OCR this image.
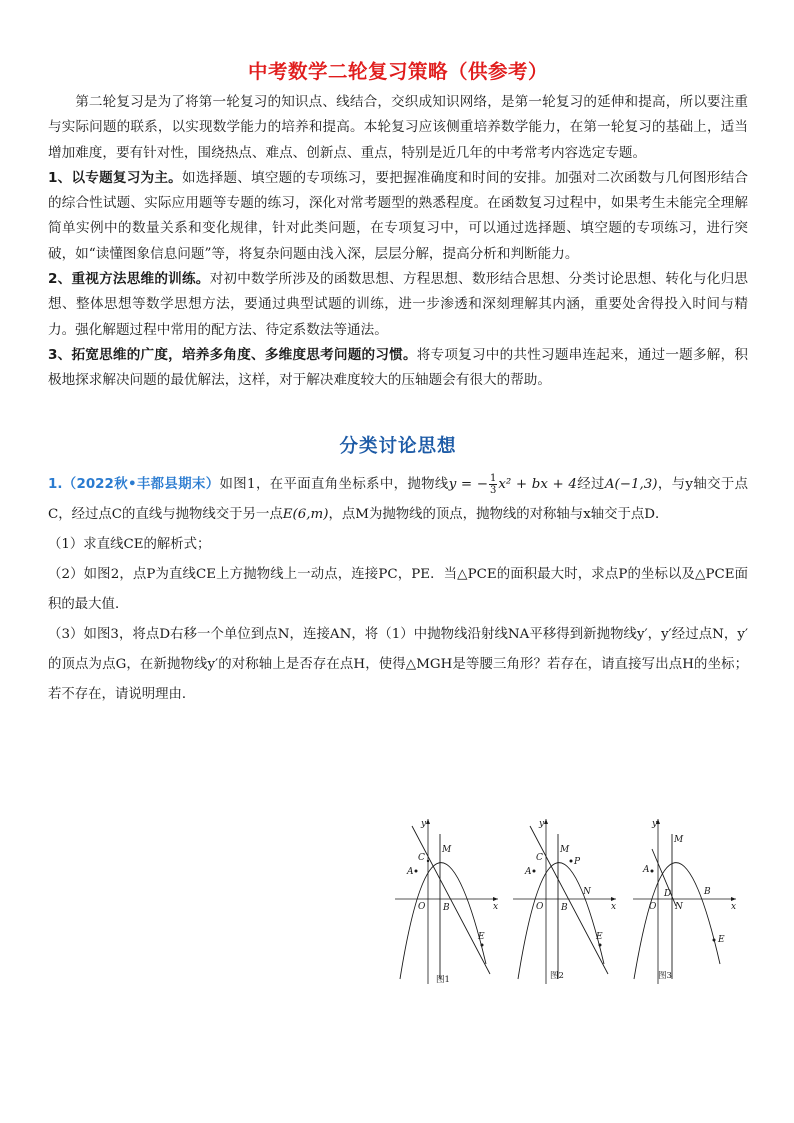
中考数学二轮复习策略（供参考）

第二轮复习是为了将第一轮复习的知识点、线结合，交织成知识网络，是第一轮复习的延伸和提高，所以要注重与实际问题的联系，以实现数学能力的培养和提高。本轮复习应该侧重培养数学能力，在第一轮复习的基础上，适当增加难度，要有针对性，围绕热点、难点、创新点、重点，特别是近几年的中考常考内容选定专题。

1、以专题复习为主。如选择题、填空题的专项练习，要把握准确度和时间的安排。加强对二次函数与几何图形结合的综合性试题、实际应用题等专题的练习，深化对常考题型的熟悉程度。在函数复习过程中，如果考生未能完全理解简单实例中的数量关系和变化规律，针对此类问题，在专项复习中，可以通过选择题、填空题的专项练习，进行突破，如“读懂图象信息问题”等，将复杂问题由浅入深，层层分解，提高分析和判断能力。

2、重视方法思维的训练。对初中数学所涉及的函数思想、方程思想、数形结合思想、分类讨论思想、转化与化归思想、整体思想等数学思想方法，要通过典型试题的训练，进一步渗透和深刻理解其内涵，重要处舍得投入时间与精力。强化解题过程中常用的配方法、待定系数法等通法。

3、拓宽思维的广度，培养多角度、多维度思考问题的习惯。将专项复习中的共性习题串连起来，通过一题多解，积极地探求解决问题的最优解法，这样，对于解决难度较大的压轴题会有很大的帮助。

分类讨论思想

1.（2022秋•丰都县期末）如图1，在平面直角坐标系中，抛物线y = − $\frac{1}{3} x^2$ + bx + 4经过A(−1,3)，与y轴交于点C，经过点C的直线与抛物线交于另一点E(6,m)，点M为抛物线的顶点，抛物线的对称轴与x轴交于点D．

（1）求直线CE的解析式；

（2）如图2，点P为直线CE上方抛物线上一动点，连接PC，PE．当△PCE的面积最大时，求点P的坐标以及△PCE面积的最大值．

（3）如图3，将点D右移一个单位到点N，连接AN，将（1）中抛物线沿射线NA平移得到新抛物线y′，y′经过点N，y′的顶点为点G，在新抛物线y′的对称轴上是否存在点H，使得△MGH是等腰三角形？若存在，请直接写出点H的坐标；若不存在，请说明理由．

y
x
O
M
C
A
B
E
图1
y
x
O
M
C
A
B
P
N
E
图2
y
x
O
M
A
B
D
N
E
图3
